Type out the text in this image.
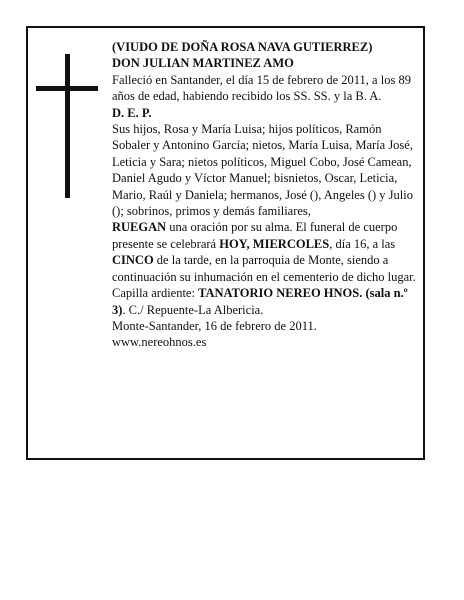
(VIUDO DE DOÑA ROSA NAVA GUTIERREZ)

DON JULIAN MARTINEZ AMO

Falleció en Santander, el día 15 de febrero de 2011, a los 89 años de edad, habiendo recibido los SS. SS. y la B. A.

D. E. P.

Sus hijos, Rosa y María Luisa; hijos políticos, Ramón Sobaler y Antonino García; nietos, María Luisa, María José, Leticia y Sara; nietos políticos, Miguel Cobo, José Camean, Daniel Agudo y Víctor Manuel; bisnietos, Oscar, Leticia, Mario, Raúl y Daniela; hermanos, José (), Angeles () y Julio (); sobrinos, primos y demás familiares,

RUEGAN una oración por su alma. El funeral de cuerpo presente se celebrará HOY, MIERCOLES, día 16, a las CINCO de la tarde, en la parroquia de Monte, siendo a continuación su inhumación en el cementerio de dicho lugar. Capilla ardiente: TANATORIO NEREO HNOS. (sala n.º 3). C./ Repuente-La Albericia.

Monte-Santander, 16 de febrero de 2011.

www.nereohnos.es
